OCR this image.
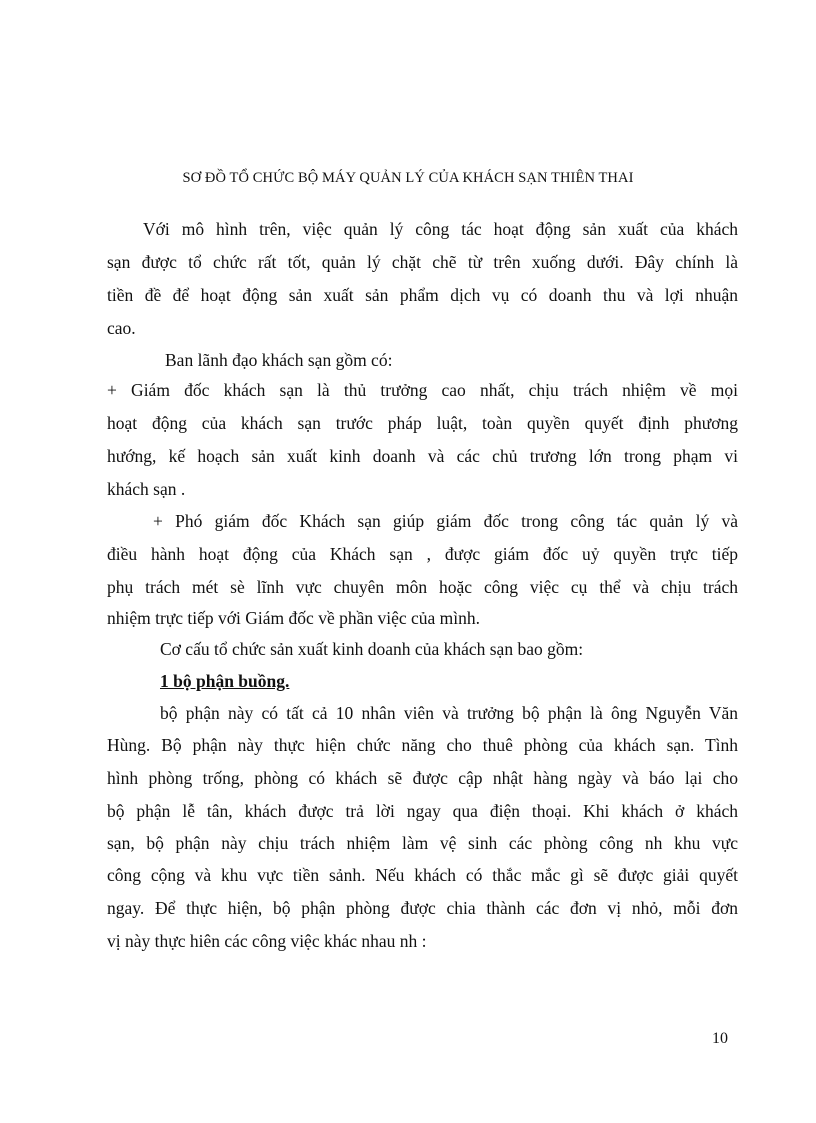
SƠ ĐỒ TỔ CHỨC BỘ MÁY QUẢN LÝ CỦA KHÁCH SẠN THIÊN THAI
Với mô hình trên, việc quản lý công tác hoạt động sản xuất của khách
sạn được tổ chức rất tốt, quản lý chặt chẽ từ trên xuống dưới. Đây chính là
tiền đề để hoạt động sản xuất sản phẩm dịch vụ có doanh thu và lợi nhuận
cao.
Ban lãnh đạo khách sạn gồm có:
+ Giám đốc khách sạn là thủ trưởng cao nhất, chịu trách nhiệm về mọi
hoạt động của khách sạn trước pháp luật, toàn quyền quyết định phương
hướng, kế hoạch sản xuất kinh doanh và các chủ trương lớn trong phạm vi
khách sạn .
+ Phó giám đốc Khách sạn giúp giám đốc trong công tác quản lý và
điều hành hoạt động của Khách sạn , được giám đốc uỷ quyền trực tiếp
phụ trách mét sè lĩnh vực chuyên môn hoặc công việc cụ thể và chịu trách
nhiệm trực tiếp với Giám đốc về phần việc của mình.
Cơ cấu tổ chức sản xuất kinh doanh của khách sạn bao gồm:
1 bộ phận buồng.
bộ phận này có tất cả 10 nhân viên và trưởng bộ phận là ông Nguyễn Văn
Hùng. Bộ phận này thực hiện chức năng cho thuê phòng của khách sạn. Tình
hình phòng trống, phòng có khách sẽ được cập nhật hàng ngày và báo lại cho
bộ phận lễ tân, khách được trả lời ngay qua điện thoại. Khi khách ở khách
sạn, bộ phận này chịu trách nhiệm làm vệ sinh các phòng công nh khu vực
công cộng và khu vực tiền sảnh. Nếu khách có thắc mắc gì sẽ được giải quyết
ngay. Để thực hiện, bộ phận phòng được chia thành các đơn vị nhỏ, mỗi đơn
vị này thực hiên các công việc khác nhau nh :
10
